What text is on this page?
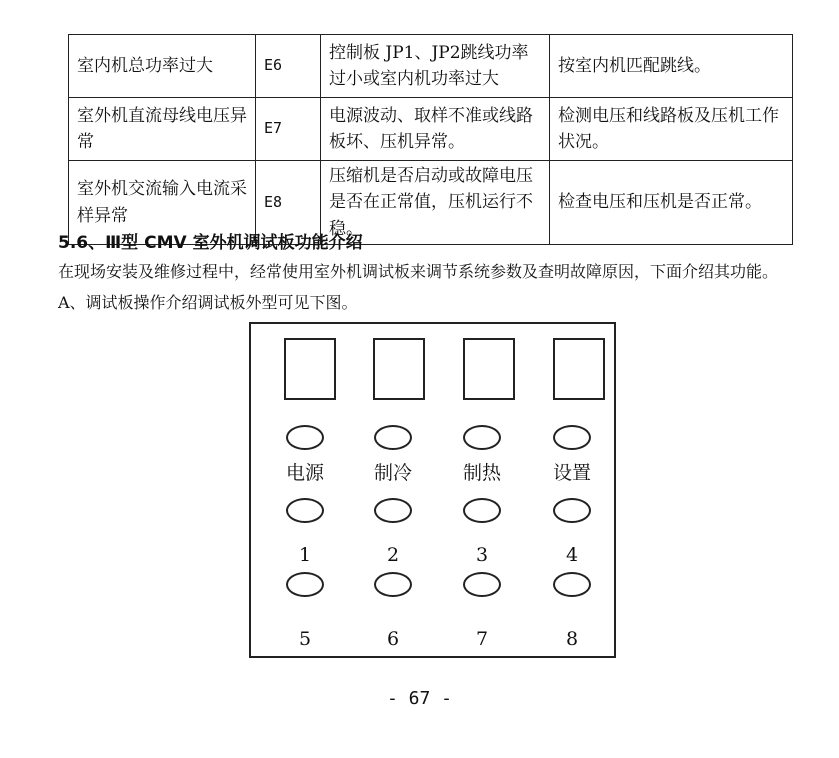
室内机总功率过大	E6	控制板 JP1、JP2跳线功率过小或室内机功率过大	按室内机匹配跳线。
室外机直流母线电压异常	E7	电源波动、取样不准或线路板坏、压机异常。	检测电压和线路板及压机工作状况。
室外机交流输入电流采样异常	E8	压缩机是否启动或故障电压是否在正常值，压机运行不稳。	检查电压和压机是否正常。
5.6、Ⅲ型 CMV 室外机调试板功能介绍

在现场安装及维修过程中，经常使用室外机调试板来调节系统参数及查明故障原因，下面介绍其功能。

A、调试板操作介绍调试板外型可见下图。

电源	制冷	制热	设置
1	2	3	4
5	6	7	8
- 67 -
